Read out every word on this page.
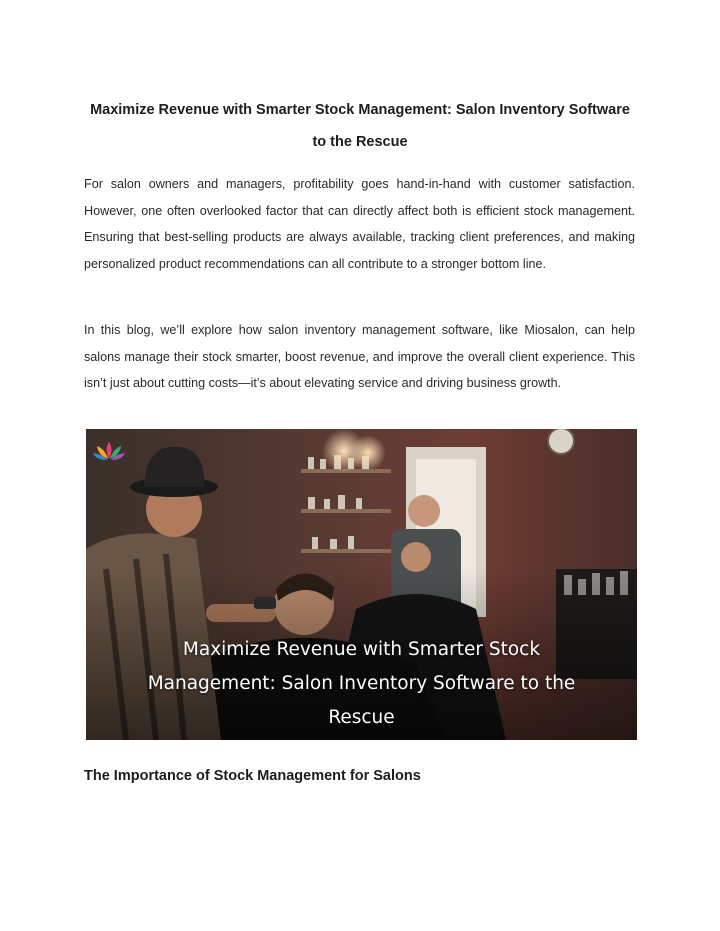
Maximize Revenue with Smarter Stock Management: Salon Inventory Software to the Rescue
For salon owners and managers, profitability goes hand-in-hand with customer satisfaction. However, one often overlooked factor that can directly affect both is efficient stock management. Ensuring that best-selling products are always available, tracking client preferences, and making personalized product recommendations can all contribute to a stronger bottom line.
In this blog, we’ll explore how salon inventory management software, like Miosalon, can help salons manage their stock smarter, boost revenue, and improve the overall client experience. This isn’t just about cutting costs—it’s about elevating service and driving business growth.
Maximize Revenue with Smarter Stock Management: Salon Inventory Software to the Rescue
The Importance of Stock Management for Salons
